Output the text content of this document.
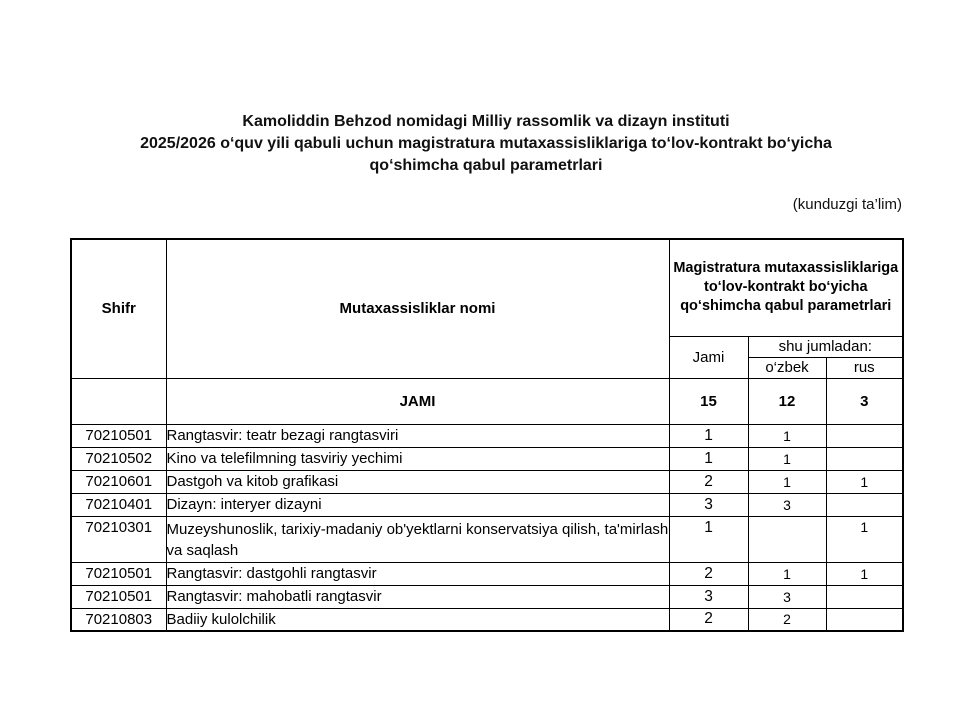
Kamoliddin Behzod nomidagi Milliy rassomlik va dizayn instituti
2025/2026 o‘quv yili qabuli uchun magistratura mutaxassisliklariga to‘lov-kontrakt bo‘yicha
qo‘shimcha qabul parametrlari
(kunduzgi ta’lim)
Shifr	Mutaxassisliklar nomi	Magistratura mutaxassisliklariga to‘lov-kontrakt bo‘yicha qo‘shimcha qabul parametrlari		
		Jami	shu jumladan:	
			o‘zbek	rus
	JAMI	15	12	3
70210501	Rangtasvir: teatr bezagi rangtasviri	1	1	
70210502	Kino va telefilmning tasviriy yechimi	1	1	
70210601	Dastgoh va kitob grafikasi	2	1	1
70210401	Dizayn: interyer dizayni	3	3	
70210301	Muzeyshunoslik, tarixiy-madaniy ob'yektlarni konservatsiya qilish, ta'mirlash va saqlash	1		1
70210501	Rangtasvir: dastgohli rangtasvir	2	1	1
70210501	Rangtasvir: mahobatli rangtasvir	3	3	
70210803	Badiiy kulolchilik	2	2	
